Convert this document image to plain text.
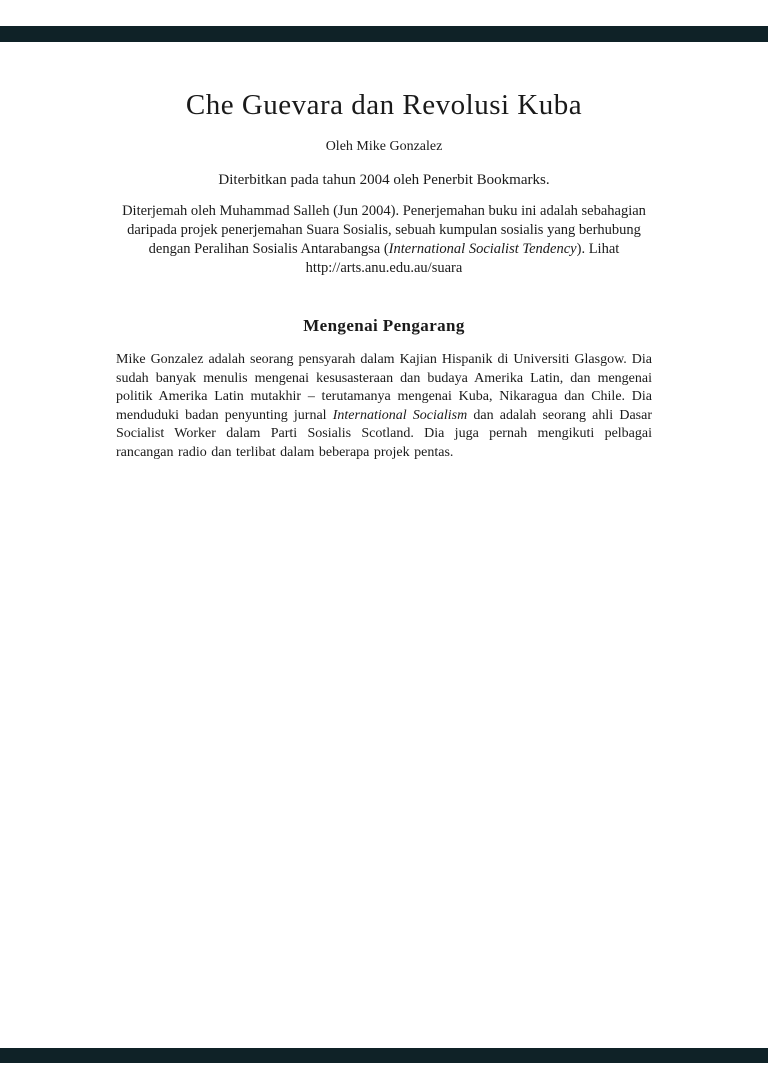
Che Guevara dan Revolusi Kuba
Oleh Mike Gonzalez
Diterbitkan pada tahun 2004 oleh Penerbit Bookmarks.
Diterjemah oleh Muhammad Salleh (Jun 2004). Penerjemahan buku ini adalah sebahagian
daripada projek penerjemahan Suara Sosialis, sebuah kumpulan sosialis yang berhubung
dengan Peralihan Sosialis Antarabangsa (International Socialist Tendency). Lihat
http://arts.anu.edu.au/suara
Mengenai Pengarang

Mike Gonzalez adalah seorang pensyarah dalam Kajian Hispanik di Universiti Glasgow. Dia sudah banyak menulis mengenai kesusasteraan dan budaya Amerika Latin, dan mengenai politik Amerika Latin mutakhir – terutamanya mengenai Kuba, Nikaragua dan Chile. Dia menduduki badan penyunting jurnal International Socialism dan adalah seorang ahli Dasar Socialist Worker dalam Parti Sosialis Scotland. Dia juga pernah mengikuti pelbagai rancangan radio dan terlibat dalam beberapa projek pentas.
